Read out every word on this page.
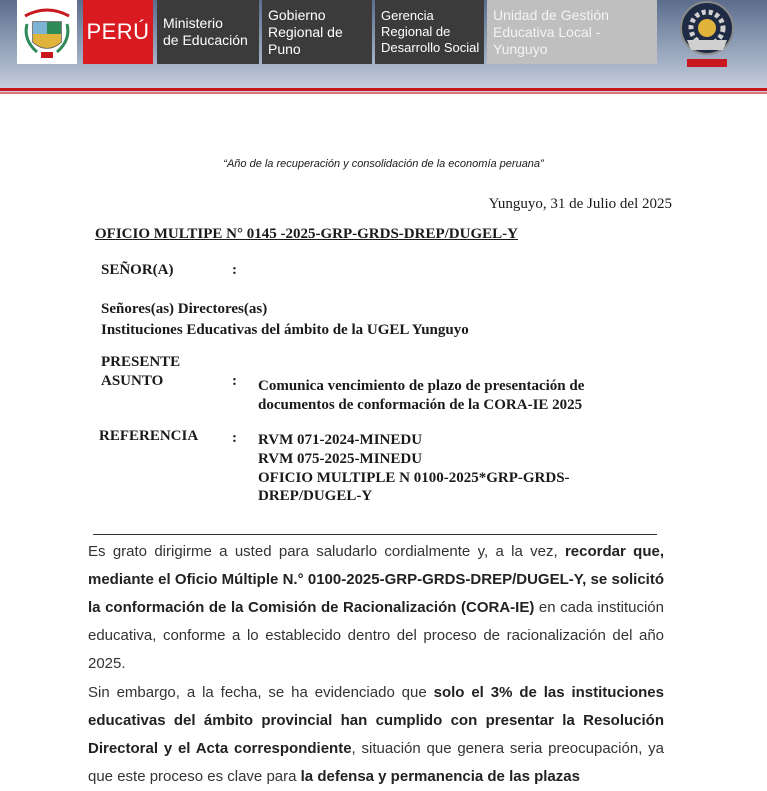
PERÚ Ministerio
de Educación
Gobierno
Regional de Puno
Gerencia
Regional de
Desarrollo Social
Unidad de Gestión
Educativa Local - Yunguyo
“Año de la recuperación y consolidación de la economía peruana”
Yunguyo, 31 de Julio del 2025
OFICIO MULTIPE N° 0145 -2025-GRP-GRDS-DREP/DUGEL-Y
SEÑOR(A)	:
Señores(as) Directores(as)
Instituciones Educativas del ámbito de la UGEL Yunguyo
PRESENTE
ASUNTO	: Comunica vencimiento de plazo de presentación de
documentos de conformación de la CORA-IE 2025
REFERENCIA : RVM 071-2024-MINEDU
RVM 075-2025-MINEDU
OFICIO MULTIPLE N 0100-2025*GRP-GRDS-
DREP/DUGEL-Y
Es grato dirigirme a usted para saludarlo cordialmente y, a la vez, recordar que, mediante el Oficio Múltiple N.° 0100-2025-GRP-GRDS-DREP/DUGEL-Y, se solicitó la conformación de la Comisión de Racionalización (CORA-IE) en cada institución educativa, conforme a lo establecido dentro del proceso de racionalización del año 2025.
Sin embargo, a la fecha, se ha evidenciado que solo el 3% de las instituciones educativas del ámbito provincial han cumplido con presentar la Resolución Directoral y el Acta correspondiente, situación que genera seria preocupación, ya que este proceso es clave para la defensa y permanencia de las plazas
